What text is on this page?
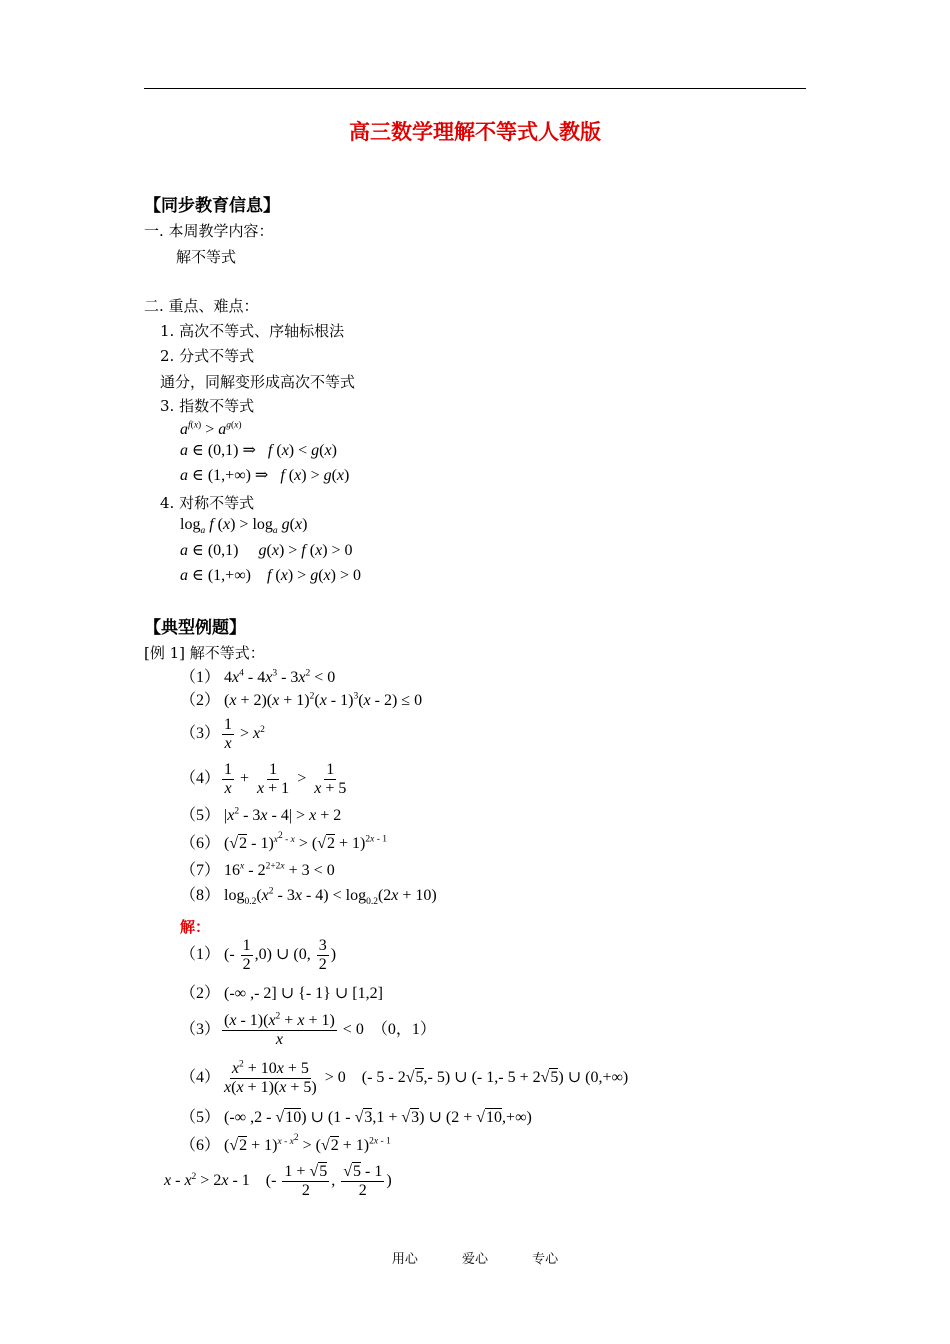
高三数学理解不等式人教版
【同步教育信息】
一. 本周教学内容：
解不等式
二. 重点、难点：
1. 高次不等式、序轴标根法
2. 分式不等式
通分，同解变形成高次不等式
3. 指数不等式
$a^{f(x)} > a^{g(x)}$
a ∈ (0,1) ⇒   f (x) < g(x)
a ∈ (1,+∞) ⇒   f (x) > g(x)
4. 对称不等式
$\log_a f$ $(x) > \log_a g(x)$
a ∈ (0,1)     g(x) > f (x) > 0
a ∈ (1,+∞)    f (x) > g(x) > 0
【典型例题】
[例 1] 解不等式：
（1） $4x^4 - 4x^3 - 3x^2 < 0$
（2） $(x + 2)(x + 1)^2(x - 1)^3(x - 2) \le 0$
$(3) \frac{1}{x} > x^2$
$(4) \frac{1}{x} + \frac{1}{x + 1} > \frac{1}{x + 5}$
（5） $|x^2 - 3x - 4| > x + 2$
（6） $(√2 - 1)^{x^2 - x} > (√2 + 1)^{2x - 1}$
（7） $16^x - 2^{2+2x} + 3 < 0$
（8） $\log_{0.2}(x^2 - 3x - 4) < \log_{0.2}(2x + 10)$
解：
（1） (- $\frac{1}{2} ,0$) ∪ (0, $\frac{3}{2}$ )
（2） (-∞ ,- 2] ∪ {- 1} ∪ [1,2]
$(3) \frac{(x - 1)(x^2 + x + 1)}{x} < 0$  （0，1）
$(4) \frac{x^2 + 10x + 5}{x(x + 1)(x + 5)} > 0$    (- 5 - 2√5,- 5) ∪ (- 1,- 5 + 2√5) ∪ (0,+∞)
（5） (-∞ ,2 - √10) ∪ (1 - √3,1 + √3) ∪ (2 + √10,+∞)
（6） $(√2 + 1)^{x - x^2} > (√2 + 1)^{2x - 1}$
$x - x^2 > 2x - 1$    (- $\frac{1 + √5}{2}$ , $\frac{√5 - 1}{2}$ )
用心	爱心	专心
